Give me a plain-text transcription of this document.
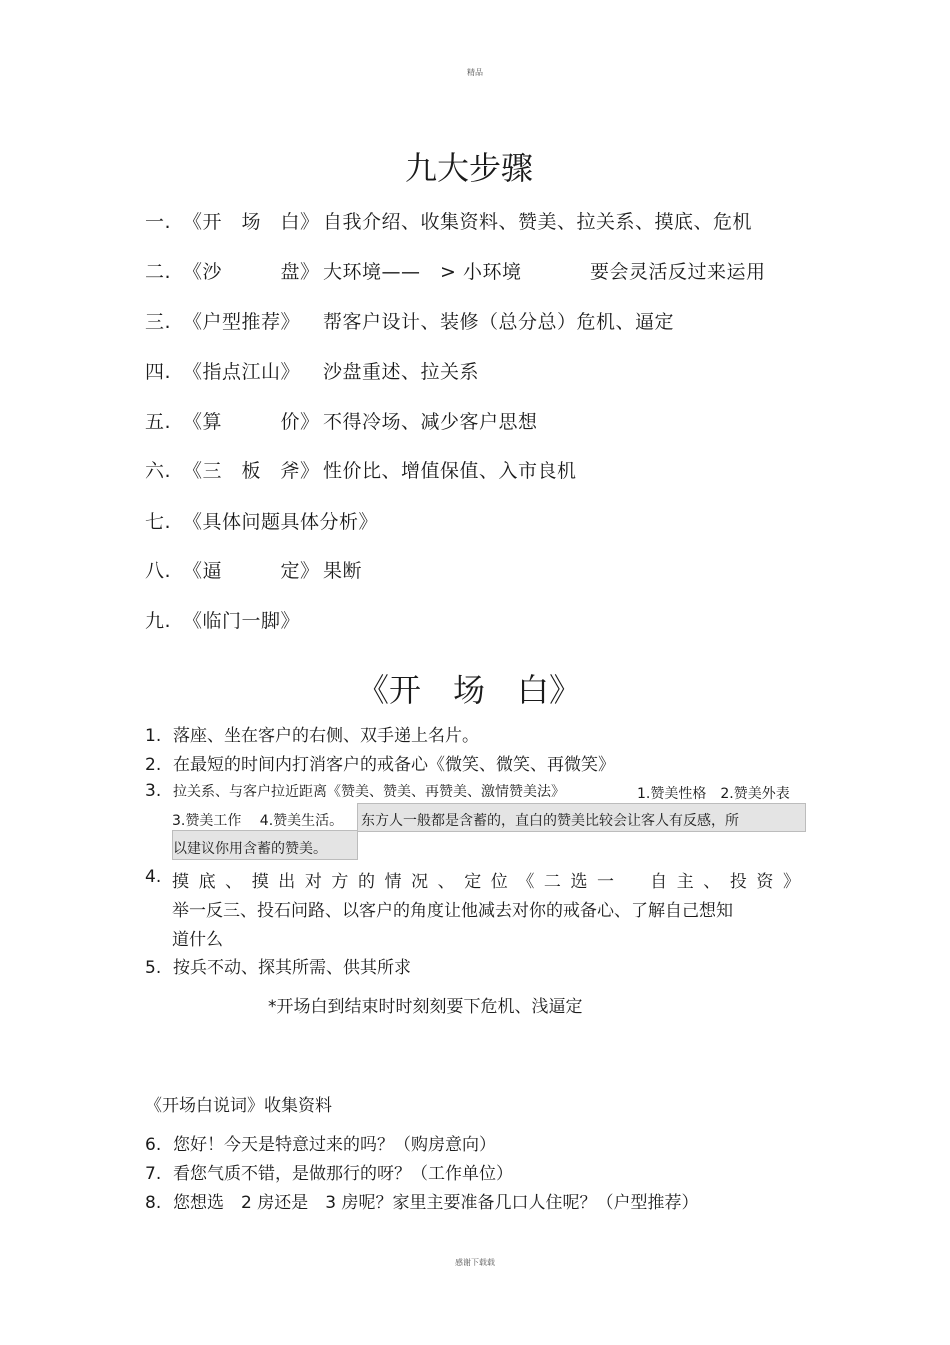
精品
九大步骤
一. 《开　场　白》 自我介绍、收集资料、赞美、拉关系、摸底、危机
二. 《沙　　　盘》 大环境——　> 小环境	要会灵活反过来运用
三. 《户型推荐》 帮客户设计、装修（总分总）危机、逼定
四. 《指点江山》 沙盘重述、拉关系
五. 《算　　　价》 不得冷场、减少客户思想
六. 《三　板　斧》 性价比、增值保值、入市良机
七. 《具体问题具体分析》
八. 《逼　　　定》 果断
九. 《临门一脚》
《开　场　白》
1. 落座、坐在客户的右侧、双手递上名片。
2. 在最短的时间内打消客户的戒备心《微笑、微笑、再微笑》
3. 拉关系、与客户拉近距离《赞美、赞美、再赞美、激情赞美法》	1.赞美性格　2.赞美外表
3.赞美工作　 4.赞美生活。 东方人一般都是含蓄的，直白的赞美比较会让客人有反感，所
以建议你用含蓄的赞美。
4. 摸 底 、 摸 出 对 方 的 情 况 、 定 位 《 二 选 一
　 自 主 、 投 资 》
举一反三、投石问路、以客户的角度让他减去对你的戒备心、了解自己想知
道什么
5. 按兵不动、探其所需、供其所求
*开场白到结束时时刻刻要下危机、浅逼定
《开场白说词》收集资料
6. 您好！今天是特意过来的吗？（购房意向）
7. 看您气质不错，是做那行的呀？（工作单位）
8. 您想选　2 房还是　3 房呢？家里主要准备几口人住呢？（户型推荐）
感谢下载载
